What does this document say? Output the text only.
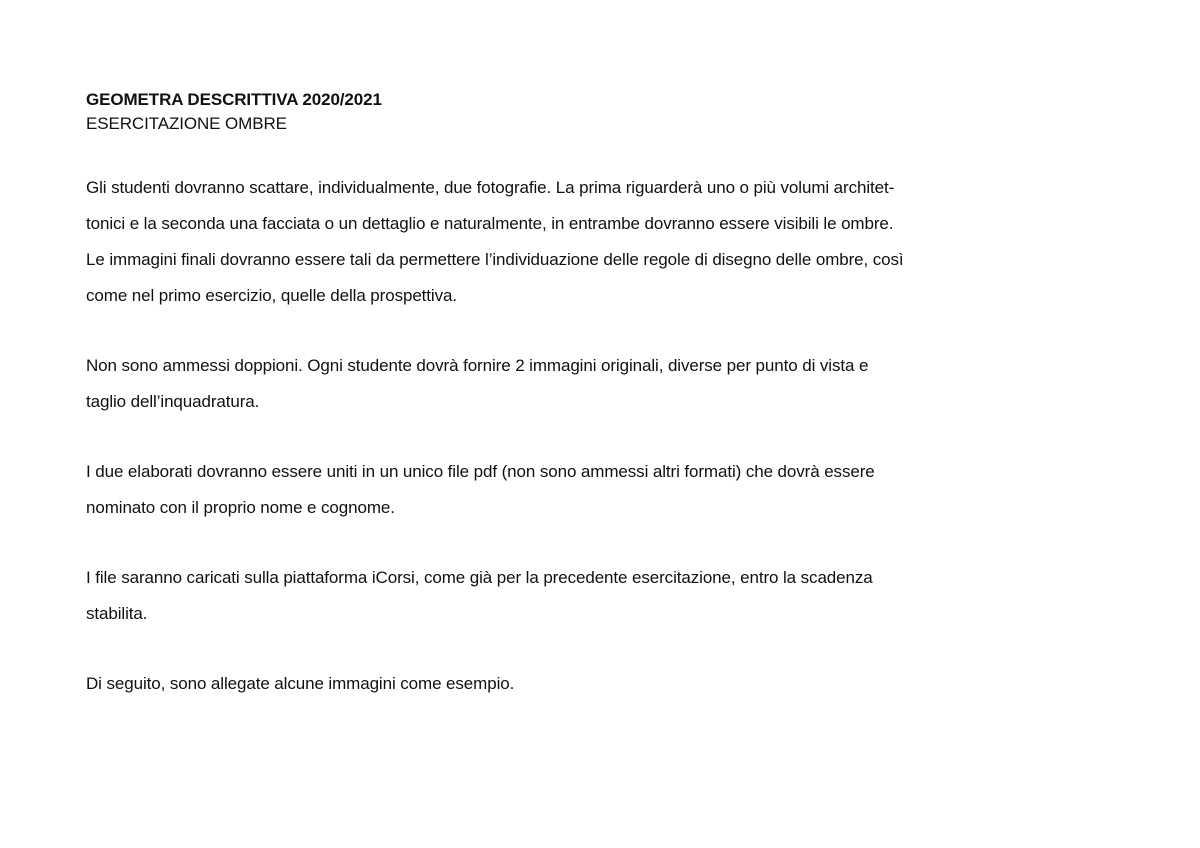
GEOMETRA DESCRITTIVA 2020/2021

ESERCITAZIONE OMBRE

Gli studenti dovranno scattare, individualmente, due fotografie. La prima riguarderà uno o più volumi architet-
tonici e la seconda una facciata o un dettaglio e naturalmente, in entrambe dovranno essere visibili le ombre.
Le immagini finali dovranno essere tali da permettere l’individuazione delle regole di disegno delle ombre, così
come nel primo esercizio, quelle della prospettiva.

Non sono ammessi doppioni. Ogni studente dovrà fornire 2 immagini originali, diverse per punto di vista e
taglio dell’inquadratura.

I due elaborati dovranno essere uniti in un unico file pdf (non sono ammessi altri formati) che dovrà essere
nominato con il proprio nome e cognome.

I file saranno caricati sulla piattaforma iCorsi, come già per la precedente esercitazione, entro la scadenza
stabilita.

Di seguito, sono allegate alcune immagini come esempio.
